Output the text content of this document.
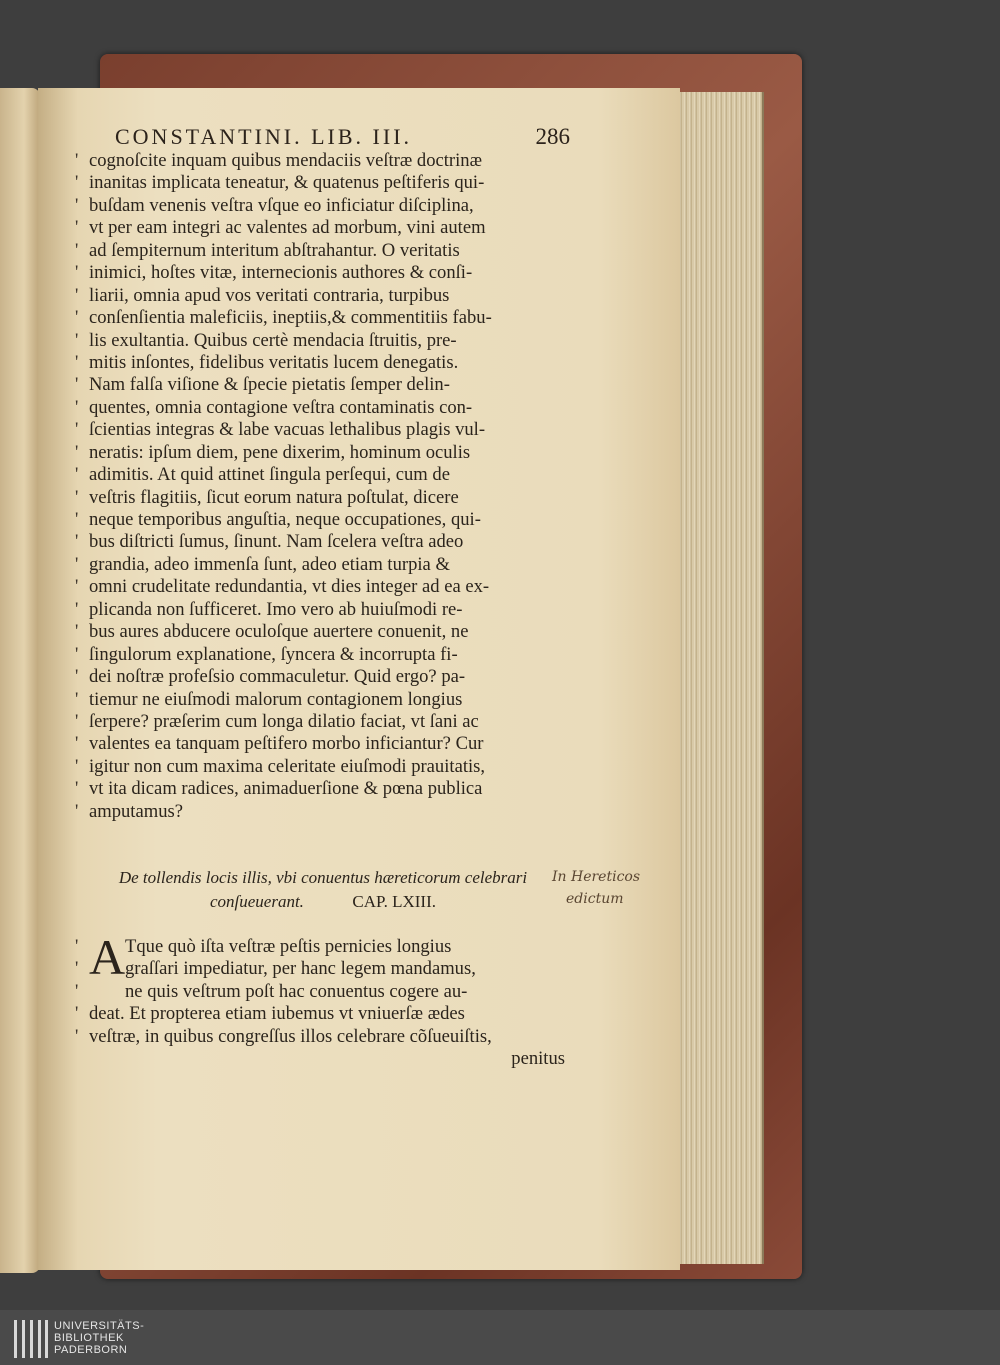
CONSTANTINI. LIB. III.	286
' cognoſcite inquam quibus mendaciis veſtræ doctrinæ
' inanitas implicata teneatur, & quatenus peſtiferis qui-
' buſdam venenis veſtra vſque eo inficiatur diſciplina,
' vt per eam integri ac valentes ad morbum, vini autem
' ad ſempiternum interitum abſtrahantur. O veritatis
' inimici, hoſtes vitæ, internecionis authores & conſi-
' liarii, omnia apud vos veritati contraria, turpibus
' conſenſientia maleficiis, ineptiis,& commentitiis fabu-
' lis exultantia. Quibus certè mendacia ſtruitis, pre-
' mitis inſontes, fidelibus veritatis lucem denegatis.
' Nam falſa viſione & ſpecie pietatis ſemper delin-
' quentes, omnia contagione veſtra contaminatis con-
' ſcientias integras & labe vacuas lethalibus plagis vul-
' neratis: ipſum diem, pene dixerim, hominum oculis
' adimitis. At quid attinet ſingula perſequi, cum de
' veſtris flagitiis, ſicut eorum natura poſtulat, dicere
' neque temporibus anguſtia, neque occupationes, qui-
' bus diſtricti ſumus, ſinunt. Nam ſcelera veſtra adeo
' grandia, adeo immenſa ſunt, adeo etiam turpia &
' omni crudelitate redundantia, vt dies integer ad ea ex-
' plicanda non ſufficeret. Imo vero ab huiuſmodi re-
' bus aures abducere oculoſque auertere conuenit, ne
' ſingulorum explanatione, ſyncera & incorrupta fi-
' dei noſtræ profeſsio commaculetur. Quid ergo? pa-
' tiemur ne eiuſmodi malorum contagionem longius
' ſerpere? præſerim cum longa dilatio faciat, vt ſani ac
' valentes ea tanquam peſtifero morbo inficiantur? Cur
' igitur non cum maxima celeritate eiuſmodi prauitatis,
' vt ita dicam radices, animaduerſione & pœna publica
' amputamus?
De tollendis locis illis, vbi conuentus hæreticorum celebrari
conſueuerant.	CAP. LXIII.
In Hereticos
edictum
A
'	Tque quò iſta veſtræ peſtis pernicies longius
'	graſſari impediatur, per hanc legem mandamus,
'	ne quis veſtrum poſt hac conuentus cogere au-
' deat. Et propterea etiam iubemus vt vniuerſæ ædes
' veſtræ, in quibus congreſſus illos celebrare cõſueuiſtis,
penitus
UNIVERSITÄTS-
BIBLIOTHEK
PADERBORN
